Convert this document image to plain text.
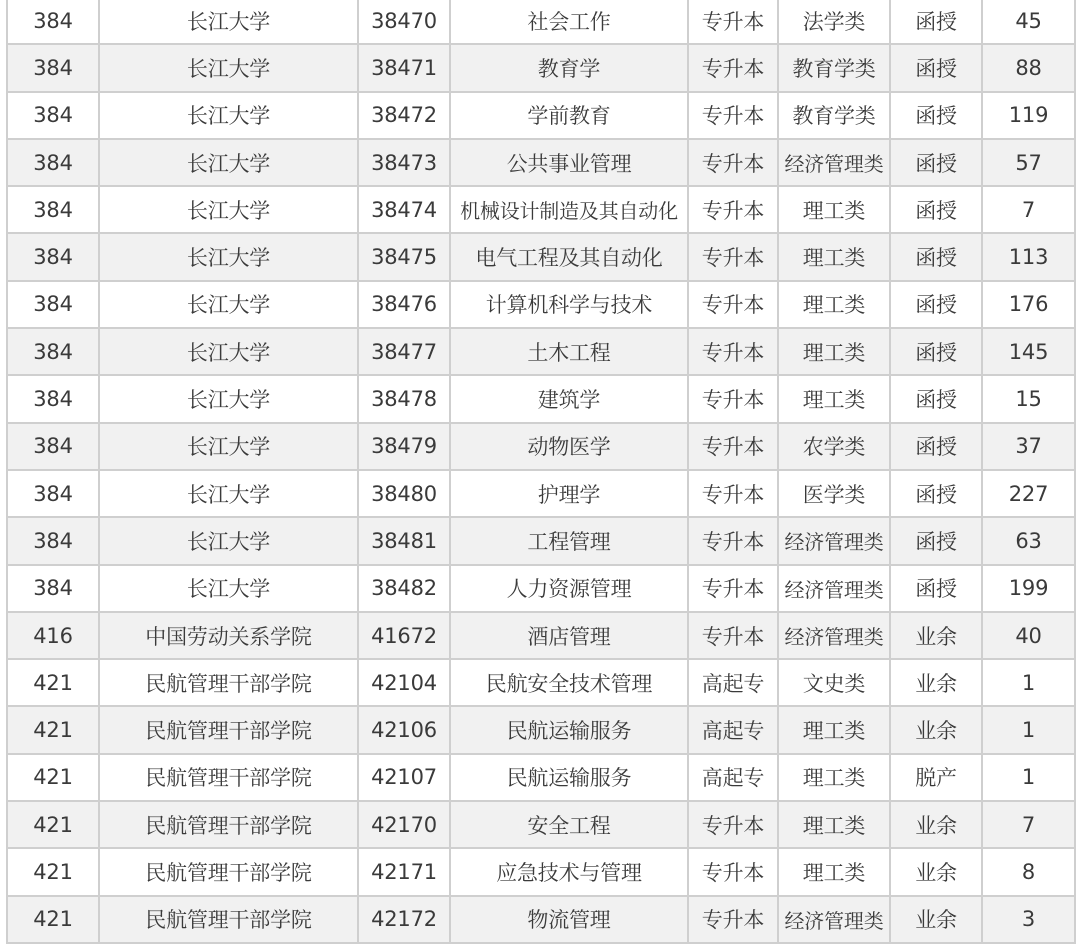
384	长江大学	38470	社会工作	专升本	法学类	函授	45
384	长江大学	38471	教育学	专升本	教育学类	函授	88
384	长江大学	38472	学前教育	专升本	教育学类	函授	119
384	长江大学	38473	公共事业管理	专升本	经济管理类	函授	57
384	长江大学	38474	机械设计制造及其自动化	专升本	理工类	函授	7
384	长江大学	38475	电气工程及其自动化	专升本	理工类	函授	113
384	长江大学	38476	计算机科学与技术	专升本	理工类	函授	176
384	长江大学	38477	土木工程	专升本	理工类	函授	145
384	长江大学	38478	建筑学	专升本	理工类	函授	15
384	长江大学	38479	动物医学	专升本	农学类	函授	37
384	长江大学	38480	护理学	专升本	医学类	函授	227
384	长江大学	38481	工程管理	专升本	经济管理类	函授	63
384	长江大学	38482	人力资源管理	专升本	经济管理类	函授	199
416	中国劳动关系学院	41672	酒店管理	专升本	经济管理类	业余	40
421	民航管理干部学院	42104	民航安全技术管理	高起专	文史类	业余	1
421	民航管理干部学院	42106	民航运输服务	高起专	理工类	业余	1
421	民航管理干部学院	42107	民航运输服务	高起专	理工类	脱产	1
421	民航管理干部学院	42170	安全工程	专升本	理工类	业余	7
421	民航管理干部学院	42171	应急技术与管理	专升本	理工类	业余	8
421	民航管理干部学院	42172	物流管理	专升本	经济管理类	业余	3
